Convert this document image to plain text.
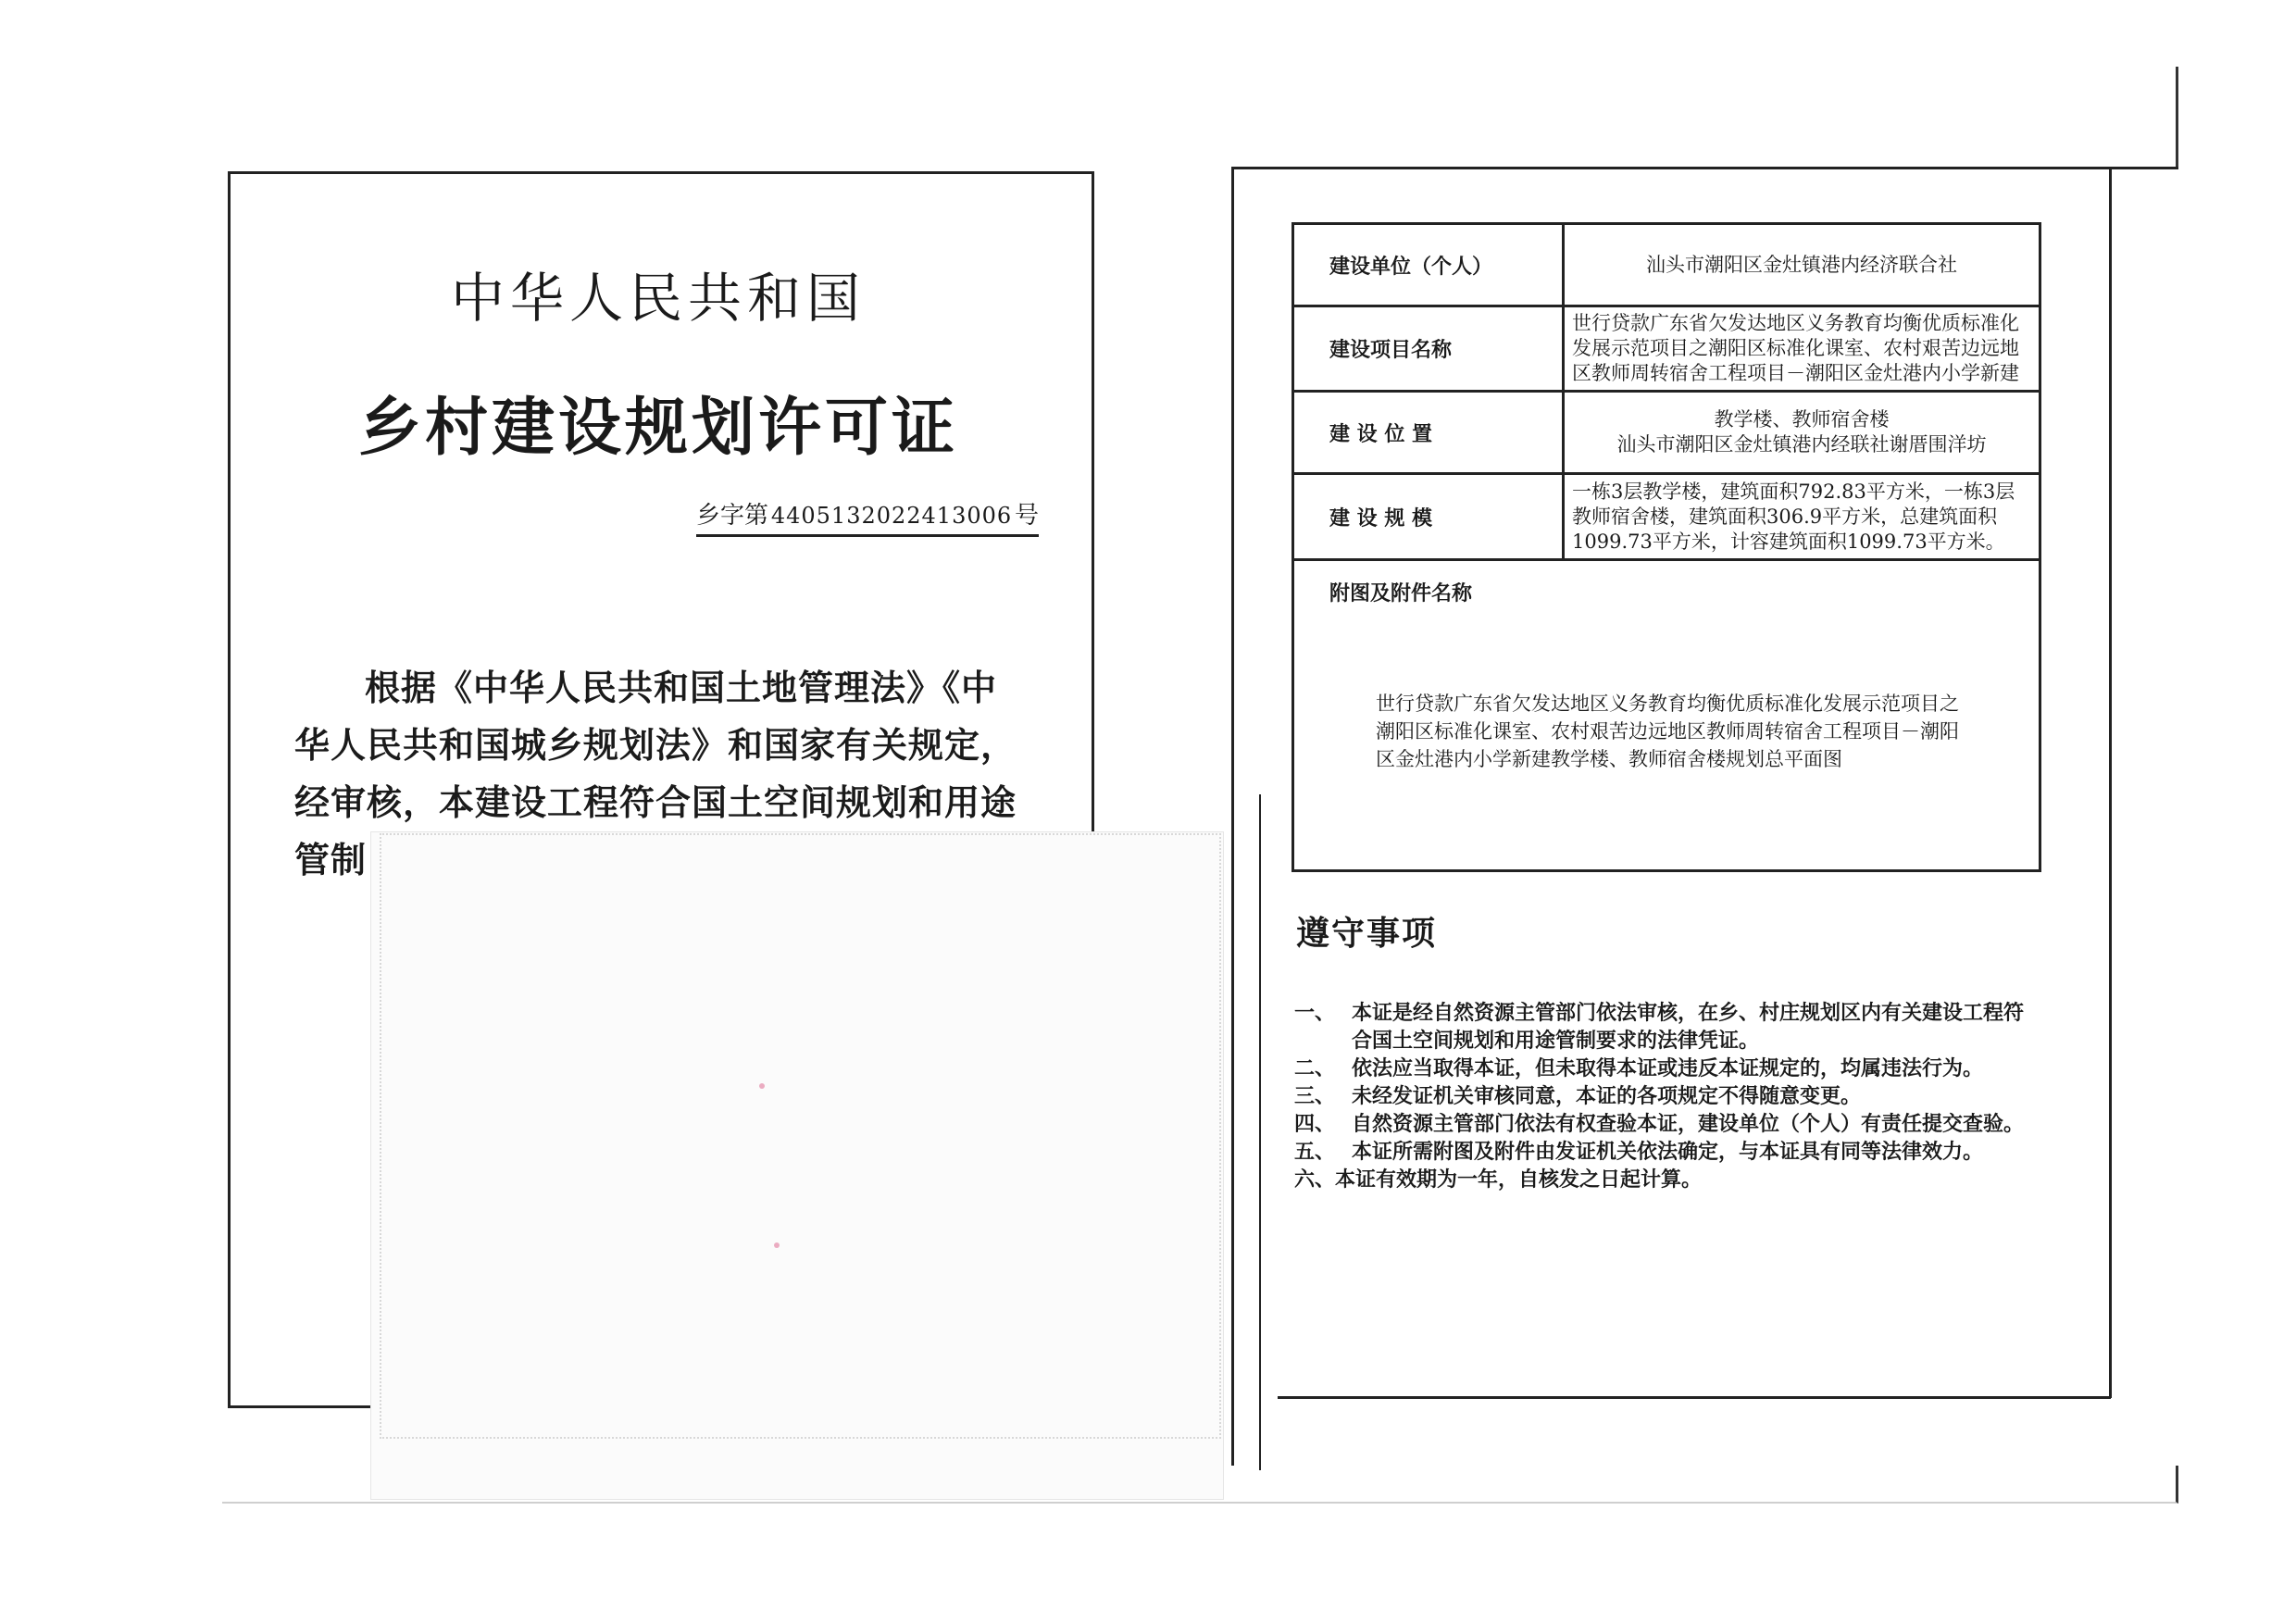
中华人民共和国
乡村建设规划许可证
乡字第 4405132022413006 号

根据《中华人民共和国土地管理法》《中

华人民共和国城乡规划法》和国家有关规定，

经审核，本建设工程符合国土空间规划和用途

管制

建设单位（个人）	汕头市潮阳区金灶镇港内经济联合社
建设项目名称	世行贷款广东省欠发达地区义务教育均衡优质标准化发展示范项目之潮阳区标准化课室、农村艰苦边远地区教师周转宿舍工程项目－潮阳区金灶港内小学新建
建 设 位 置	教学楼、教师宿舍楼
汕头市潮阳区金灶镇港内经联社谢厝围洋坊

建 设 规 模	一栋3层教学楼，建筑面积792.83平方米，一栋3层教师宿舍楼，建筑面积306.9平方米，总建筑面积1099.73平方米，计容建筑面积1099.73平方米。

附图及附件名称
世行贷款广东省欠发达地区义务教育均衡优质标准化发展示范项目之潮阳区标准化课室、农村艰苦边远地区教师周转宿舍工程项目－潮阳区金灶港内小学新建教学楼、教师宿舍楼规划总平面图	
遵守事项
一、 本证是经自然资源主管部门依法审核，在乡、村庄规划区内有关建设工程符合国土空间规划和用途管制要求的法律凭证。
二、 依法应当取得本证，但未取得本证或违反本证规定的，均属违法行为。
三、 未经发证机关审核同意，本证的各项规定不得随意变更。
四、 自然资源主管部门依法有权查验本证，建设单位（个人）有责任提交查验。
五、 本证所需附图及附件由发证机关依法确定，与本证具有同等法律效力。
六、 本证有效期为一年，自核发之日起计算。
